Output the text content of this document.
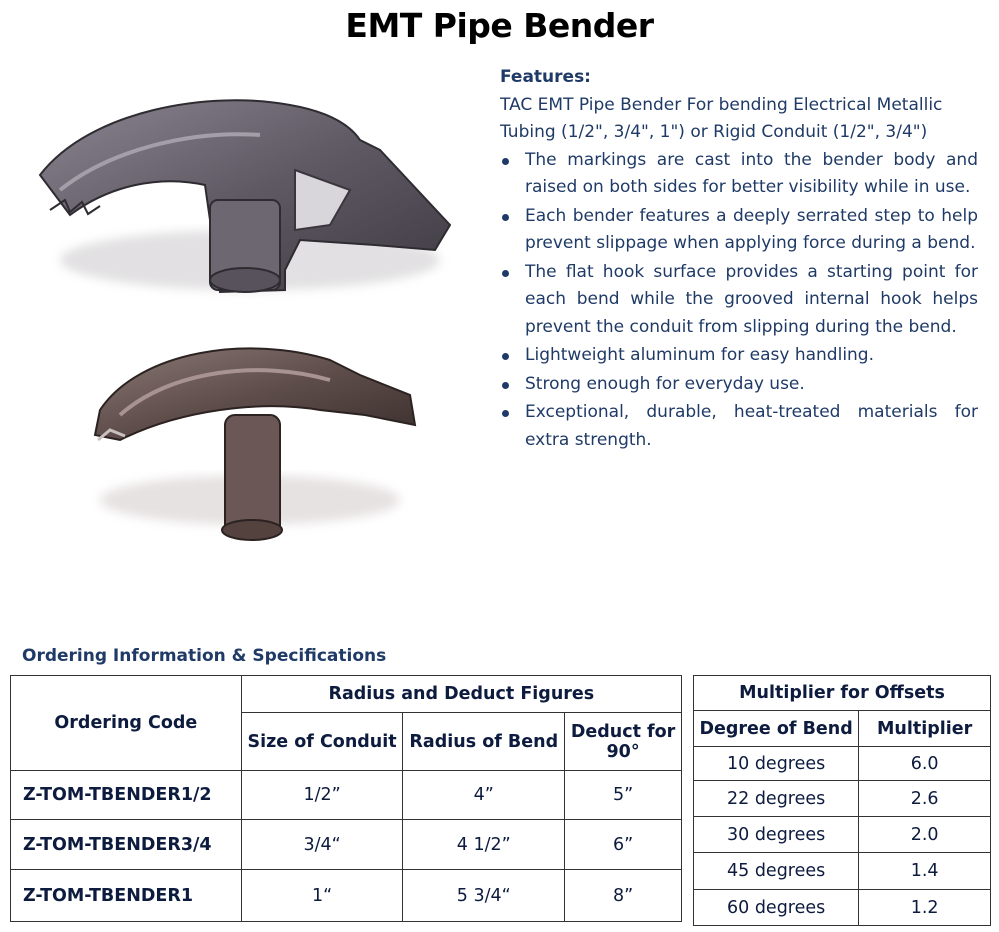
EMT Pipe Bender
Features:

TAC EMT Pipe Bender For bending Electrical Metallic Tubing (1/2", 3/4", 1") or Rigid Conduit (1/2", 3/4")

The markings are cast into the bender body and raised on both sides for better visibility while in use.
Each bender features a deeply serrated step to help prevent slippage when applying force during a bend.
The flat hook surface provides a starting point for each bend while the grooved internal hook helps prevent the conduit from slipping during the bend.
Lightweight aluminum for easy handling.
Strong enough for everyday use.
Exceptional, durable, heat-treated materials for extra strength.
Ordering Information & Specifications
Ordering Code	Radius and Deduct Figures		
	Size of Conduit	Radius of Bend	Deduct for 90°
Z-TOM-TBENDER1/2	1/2”	4”	5”
Z-TOM-TBENDER3/4	3/4“	4 1/2”	6”
Z-TOM-TBENDER1	1“	5 3/4“	8”
Multiplier for Offsets	
Degree of Bend	Multiplier
10 degrees	6.0
22 degrees	2.6
30 degrees	2.0
45 degrees	1.4
60 degrees	1.2
